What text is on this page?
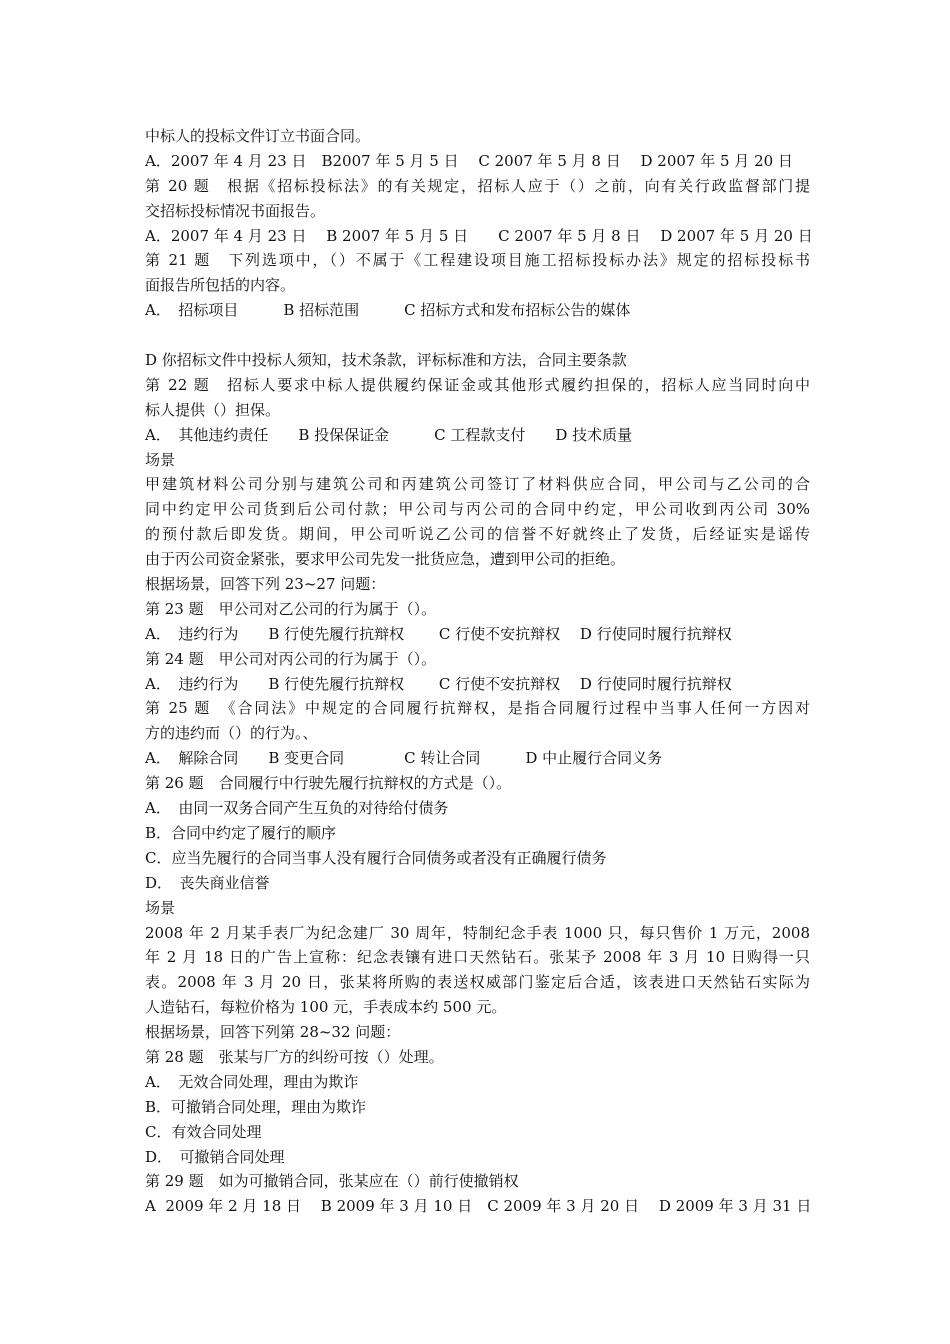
中标人的投标文件订立书面合同。
A．2007 年 4 月 23 日　B2007 年 5 月 5 日　 C 2007 年 5 月 8 日　 D 2007 年 5 月 20 日
第 20 题　根据《招标投标法》的有关规定，招标人应于（）之前，向有关行政监督部门提
交招标投标情况书面报告。
A．2007 年 4 月 23 日　 B 2007 年 5 月 5 日　　C 2007 年 5 月 8 日　 D 2007 年 5 月 20 日
第 21 题　下列选项中，（）不属于《工程建设项目施工招标投标办法》规定的招标投标书
面报告所包括的内容。
A．　招标项目　　　B 招标范围　　　C 招标方式和发布招标公告的媒体
D 你招标文件中投标人须知，技术条款，评标标准和方法，合同主要条款
第 22 题　招标人要求中标人提供履约保证金或其他形式履约担保的，招标人应当同时向中
标人提供（）担保。
A．　其他违约责任　　B 投保保证金　　　C 工程款支付　　D 技术质量
场景
甲建筑材料公司分别与建筑公司和丙建筑公司签订了材料供应合同，甲公司与乙公司的合
同中约定甲公司货到后公司付款；甲公司与丙公司的合同中约定，甲公司收到丙公司 30%
的预付款后即发货。期间，甲公司听说乙公司的信誉不好就终止了发货，后经证实是谣传
由于丙公司资金紧张，要求甲公司先发一批货应急，遭到甲公司的拒绝。
根据场景，回答下列 23~27 问题：
第 23 题　甲公司对乙公司的行为属于（）。
A．　违约行为　　B 行使先履行抗辩权　　 C 行使不安抗辩权　 D 行使同时履行抗辩权
第 24 题　甲公司对丙公司的行为属于（）。
A．　违约行为　　B 行使先履行抗辩权　　 C 行使不安抗辩权　 D 行使同时履行抗辩权
第 25 题　《合同法》中规定的合同履行抗辩权，是指合同履行过程中当事人任何一方因对
方的违约而（）的行为。、
A．　解除合同　　B 变更合同　　　　C 转让合同　　　D 中止履行合同义务
第 26 题　合同履行中行驶先履行抗辩权的方式是（）。
A．　由同一双务合同产生互负的对待给付债务
B．合同中约定了履行的顺序
C．应当先履行的合同当事人没有履行合同债务或者没有正确履行债务
D．　丧失商业信誉
场景
2008 年 2 月某手表厂为纪念建厂 30 周年，特制纪念手表 1000 只，每只售价 1 万元，2008
年 2 月 18 日的广告上宣称：纪念表镶有进口天然钻石。张某予 2008 年 3 月 10 日购得一只
表。2008 年 3 月 20 日，张某将所购的表送权威部门鉴定后合适，该表进口天然钻石实际为
人造钻石，每粒价格为 100 元，手表成本约 500 元。
根据场景，回答下列第 28~32 问题：
第 28 题　张某与厂方的纠纷可按（）处理。
A．　无效合同处理，理由为欺诈
B．可撤销合同处理，理由为欺诈
C．有效合同处理
D．　可撤销合同处理
第 29 题　如为可撤销合同，张某应在（）前行使撤销权
A  2009 年 2 月 18 日　 B 2009 年 3 月 10 日　C 2009 年 3 月 20 日　 D 2009 年 3 月 31 日
